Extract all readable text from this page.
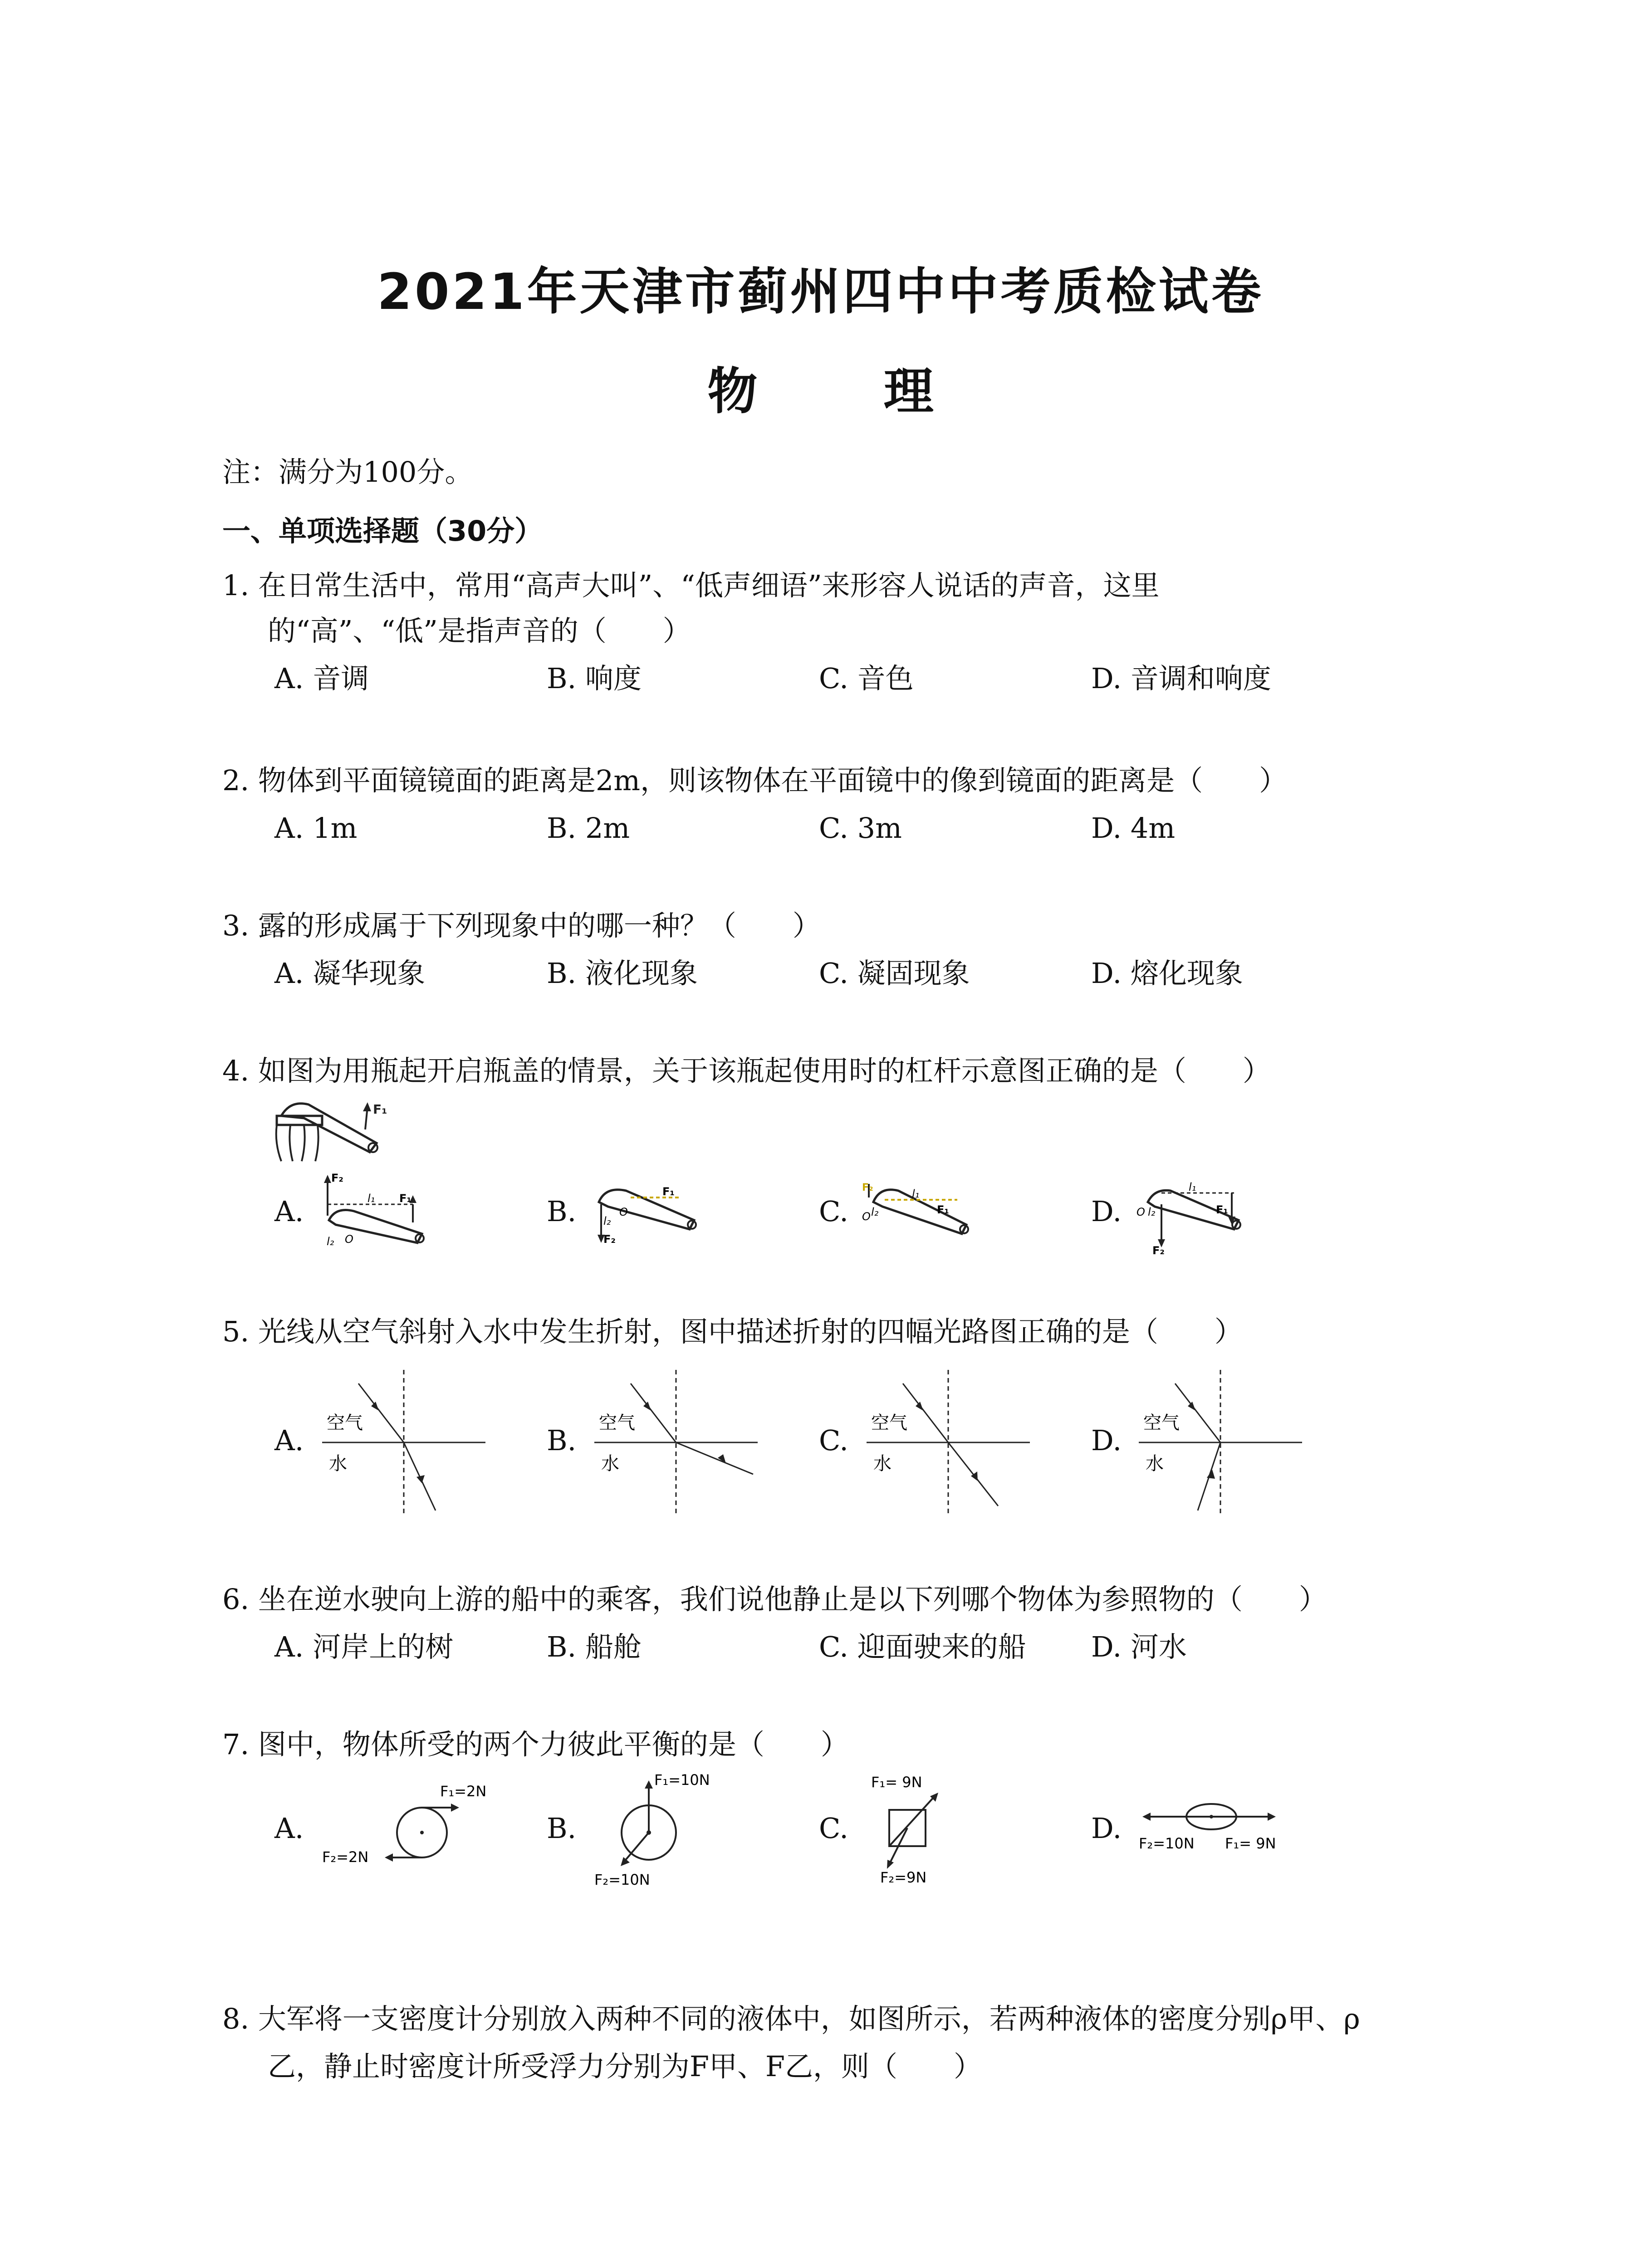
2021年天津市蓟州四中中考质检试卷
物 理
注：满分为100分。
一、单项选择题（30分）
1. 在日常生活中，常用“高声大叫”、“低声细语”来形容人说话的声音，这里
的“高”、“低”是指声音的（　　）
A. 音调	B. 响度	C. 音色	D. 音调和响度
2. 物体到平面镜镜面的距离是2m，则该物体在平面镜中的像到镜面的距离是（　　）
A. 1m	B. 2m	C. 3m	D. 4m
3. 露的形成属于下列现象中的哪一种？（　　）
A. 凝华现象	B. 液化现象	C. 凝固现象	D. 熔化现象
4. 如图为用瓶起开启瓶盖的情景，关于该瓶起使用时的杠杆示意图正确的是（　　）
F₁
A.	B.	C.	D.
F₂
F₁
l₁
l₂ O
F₁
l₂
F₂
O
F₂	l₁
F₁
l₂
O
l₁
F₁
O l₂
F₂
5. 光线从空气斜射入水中发生折射，图中描述折射的四幅光路图正确的是（　　）
A.	B.	C.	D.
空气
水
空气
水
空气
水
空气
水
6. 坐在逆水驶向上游的船中的乘客，我们说他静止是以下列哪个物体为参照物的（　　）
A. 河岸上的树	B. 船舱	C. 迎面驶来的船 D. 河水
7. 图中，物体所受的两个力彼此平衡的是（　　）
A.	B.	C.	D.
F₁=2N
F₂=2N
F₁=10N
F₂=10N
F₁= 9N
F₂=9N
F₂=10N F₁= 9N
8. 大军将一支密度计分别放入两种不同的液体中，如图所示，若两种液体的密度分别ρ甲、ρ
乙，静止时密度计所受浮力分别为F甲、F乙，则（　　）
